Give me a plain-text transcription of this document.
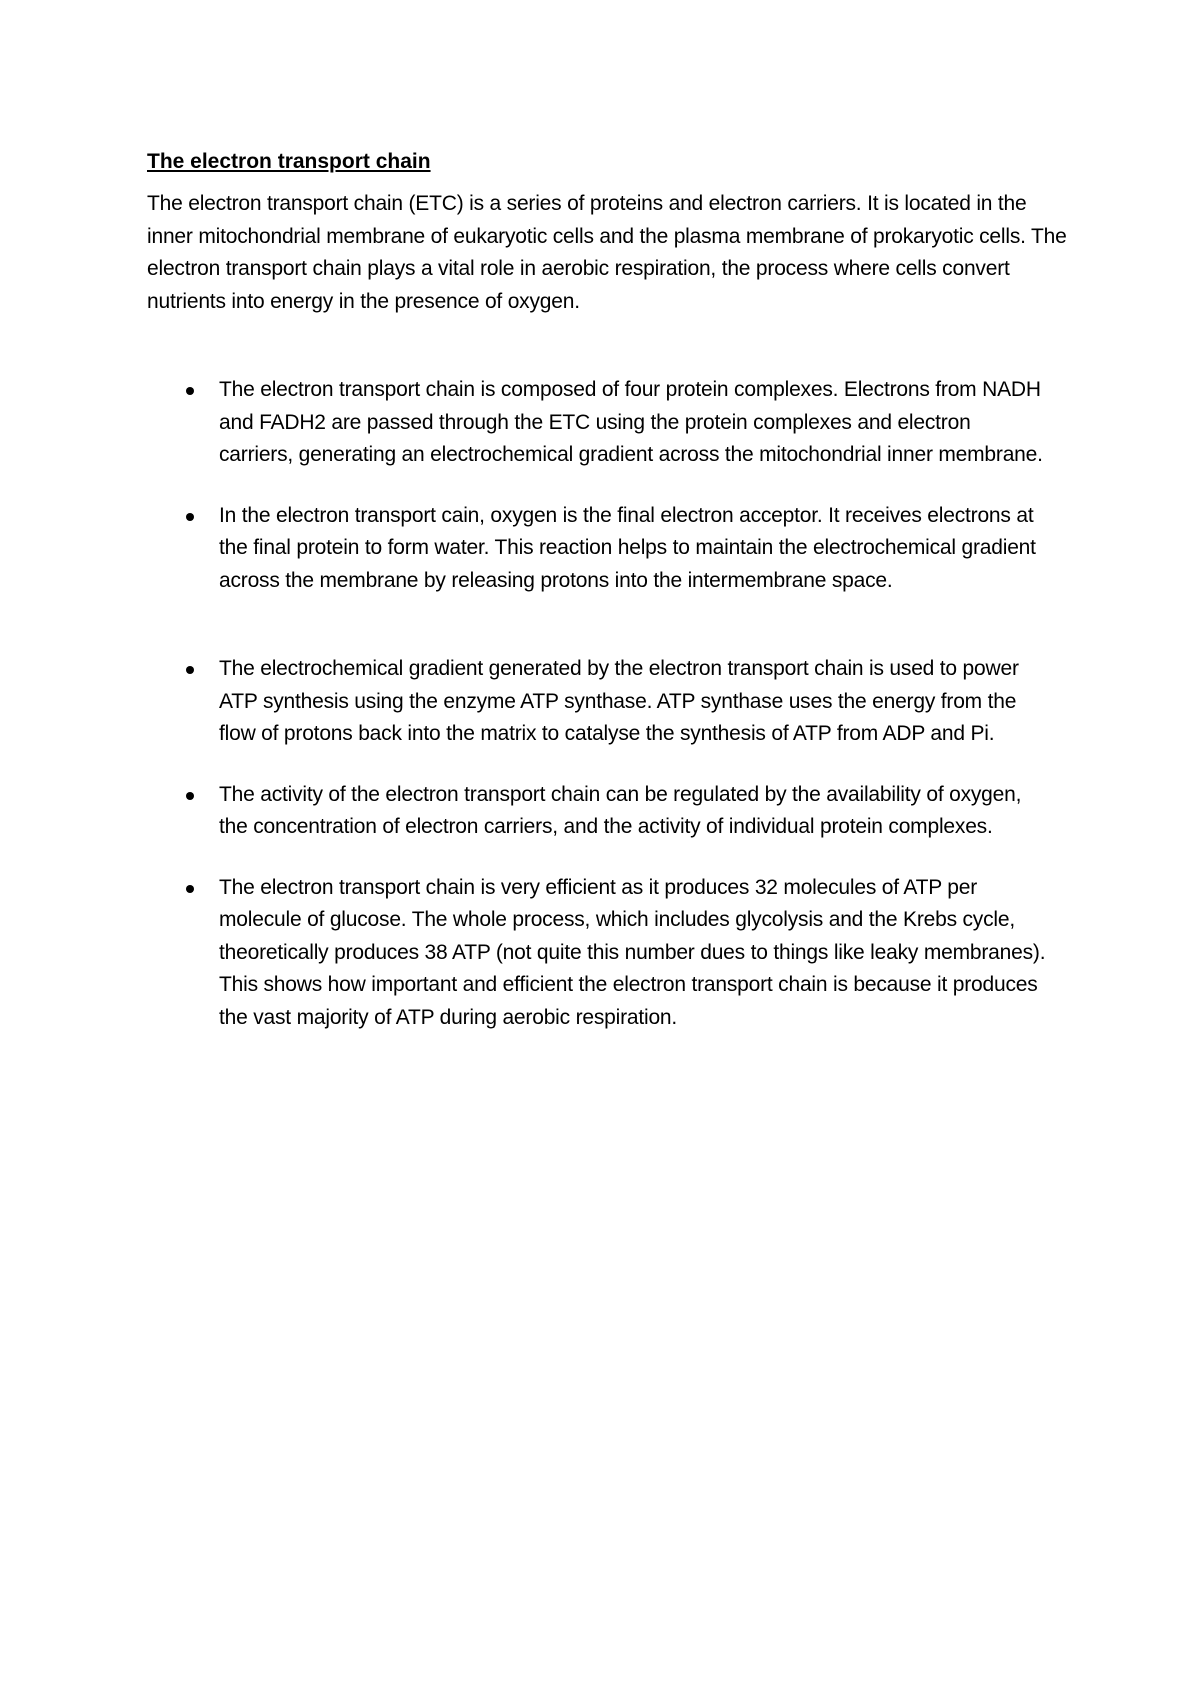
The electron transport chain

The electron transport chain (ETC) is a series of proteins and electron carriers. It is located in the inner mitochondrial membrane of eukaryotic cells and the plasma membrane of prokaryotic cells. The electron transport chain plays a vital role in aerobic respiration, the process where cells convert nutrients into energy in the presence of oxygen.

The electron transport chain is composed of four protein complexes. Electrons from NADH and FADH2 are passed through the ETC using the protein complexes and electron carriers, generating an electrochemical gradient across the mitochondrial inner membrane.
In the electron transport cain, oxygen is the final electron acceptor. It receives electrons at the final protein to form water. This reaction helps to maintain the electrochemical gradient across the membrane by releasing protons into the intermembrane space.
The electrochemical gradient generated by the electron transport chain is used to power ATP synthesis using the enzyme ATP synthase. ATP synthase uses the energy from the flow of protons back into the matrix to catalyse the synthesis of ATP from ADP and Pi.
The activity of the electron transport chain can be regulated by the availability of oxygen, the concentration of electron carriers, and the activity of individual protein complexes.
The electron transport chain is very efficient as it produces 32 molecules of ATP per molecule of glucose. The whole process, which includes glycolysis and the Krebs cycle, theoretically produces 38 ATP (not quite this number dues to things like leaky membranes). This shows how important and efficient the electron transport chain is because it produces the vast majority of ATP during aerobic respiration.
